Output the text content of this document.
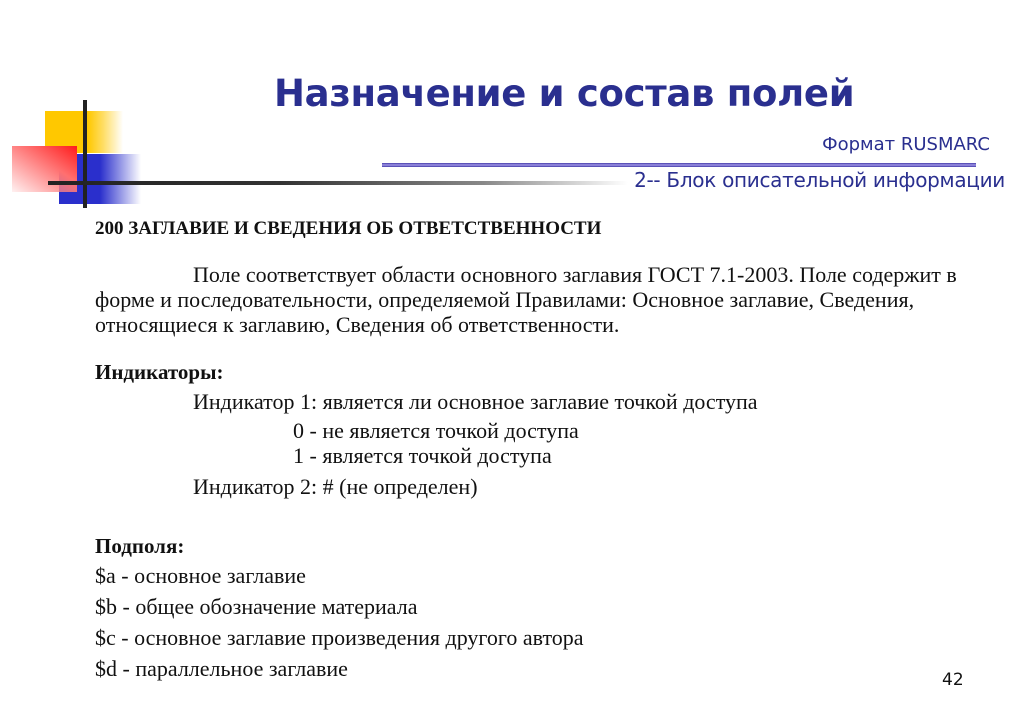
Назначение и состав полей
Формат RUSMARC
2-- Блок описательной информации

200 ЗАГЛАВИЕ И СВЕДЕНИЯ ОБ ОТВЕТСТВЕННОСТИ

Поле соответствует области основного заглавия ГОСТ 7.1-2003. Поле содержит в форме и последовательности, определяемой Правилами: Основное заглавие, Сведения, относящиеся к заглавию, Сведения об ответственности.

Индикаторы:

Индикатор 1: является ли основное заглавие точкой доступа

0 - не является точкой доступа

1 - является точкой доступа

Индикатор 2: # (не определен)

Подполя:

$a - основное заглавие

$b - общее обозначение материала

$c - основное заглавие произведения другого автора

$d - параллельное заглавие	42
